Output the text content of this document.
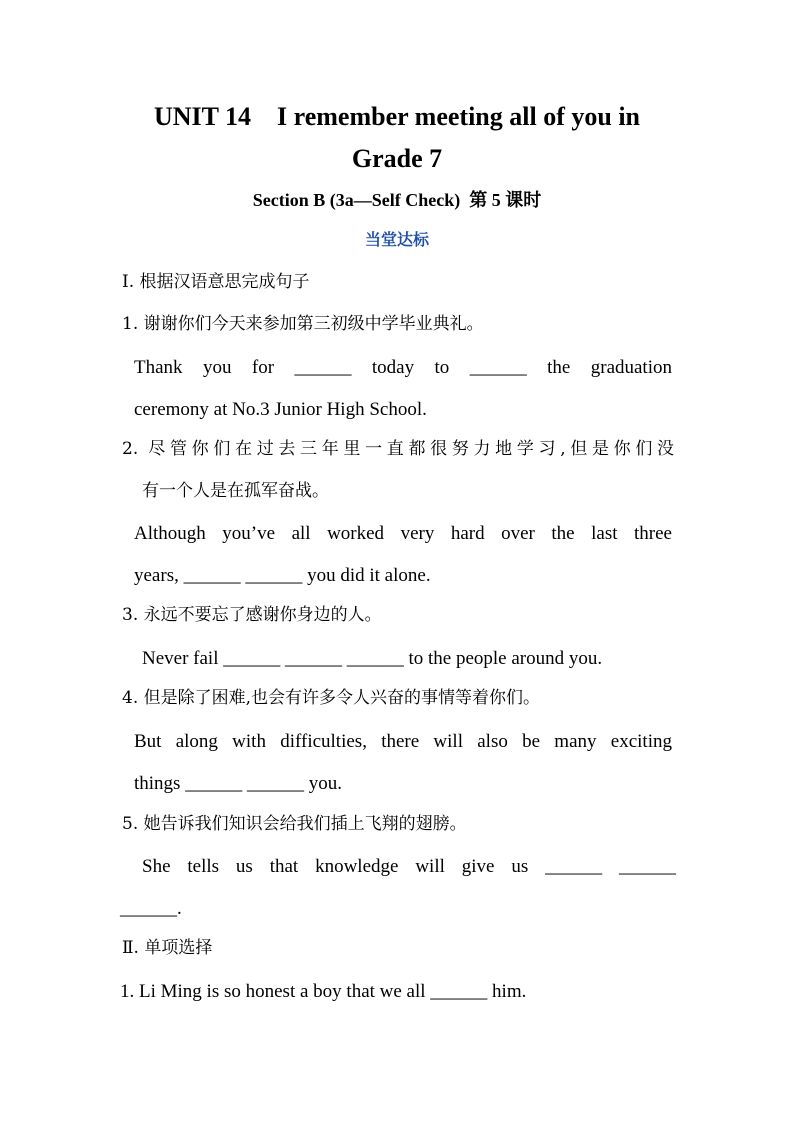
UNIT 14    I remember meeting all of you in
Grade 7
Section B (3a—Self Check)  第 5 课时
当堂达标
Ⅰ. 根据汉语意思完成句子
1. 谢谢你们今天来参加第三初级中学毕业典礼。
Thank you for ______ today to ______ the graduation
ceremony at No.3 Junior High School.
2. 尽管你们在过去三年里一直都很努力地学习,但是你们没
有一个人是在孤军奋战。
Although you’ve all worked very hard over the last three
years, ______ ______ you did it alone.
3. 永远不要忘了感谢你身边的人。
Never fail ______ ______ ______ to the people around you.
4. 但是除了困难,也会有许多令人兴奋的事情等着你们。
But along with difficulties, there will also be many exciting
things ______ ______ you.
5. 她告诉我们知识会给我们插上飞翔的翅膀。
She tells us that knowledge will give us ______ ______
______.
Ⅱ. 单项选择
1. Li Ming is so honest a boy that we all ______ him.
